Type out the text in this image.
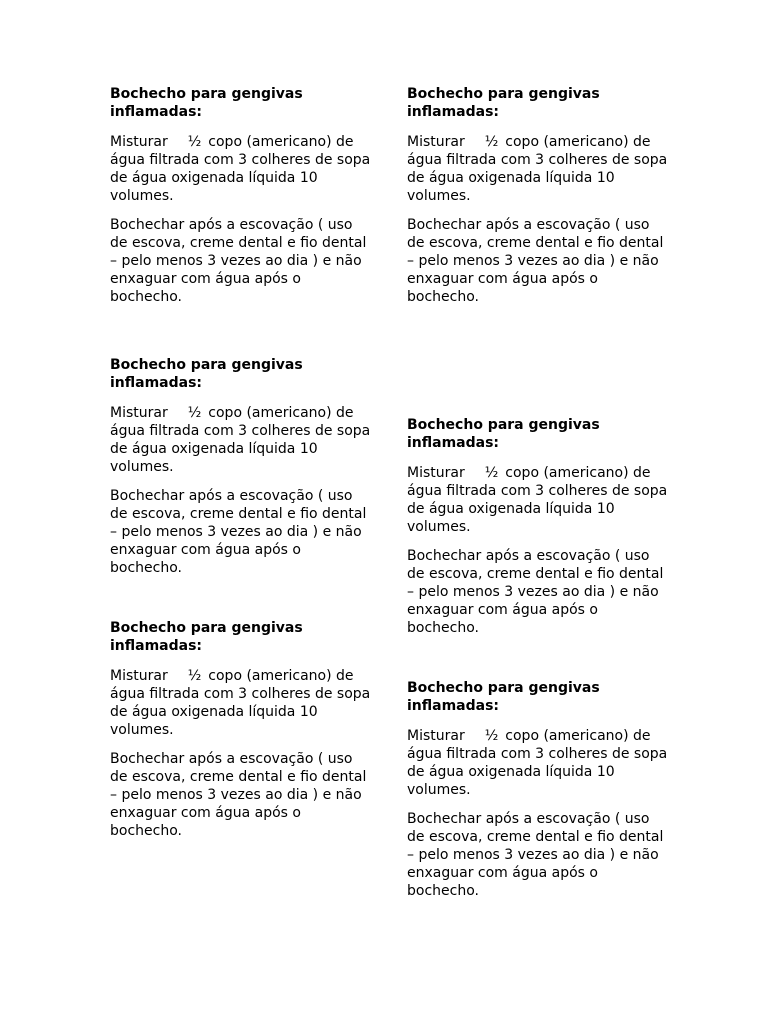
Bochecho para gengivas inflamadas:

Misturar ½ copo (americano) de água filtrada com 3 colheres de sopa de água oxigenada líquida 10 volumes.

Bochechar após a escovação ( uso de escova, creme dental e fio dental – pelo menos 3 vezes ao dia ) e não enxaguar com água após o bochecho.

Bochecho para gengivas inflamadas:

Misturar ½ copo (americano) de água filtrada com 3 colheres de sopa de água oxigenada líquida 10 volumes.

Bochechar após a escovação ( uso de escova, creme dental e fio dental – pelo menos 3 vezes ao dia ) e não enxaguar com água após o bochecho.

Bochecho para gengivas inflamadas:

Misturar ½ copo (americano) de água filtrada com 3 colheres de sopa de água oxigenada líquida 10 volumes.

Bochechar após a escovação ( uso de escova, creme dental e fio dental – pelo menos 3 vezes ao dia ) e não enxaguar com água após o bochecho.

Bochecho para gengivas inflamadas:

Misturar ½ copo (americano) de água filtrada com 3 colheres de sopa de água oxigenada líquida 10 volumes.

Bochechar após a escovação ( uso de escova, creme dental e fio dental – pelo menos 3 vezes ao dia ) e não enxaguar com água após o bochecho.

Bochecho para gengivas inflamadas:

Misturar ½ copo (americano) de água filtrada com 3 colheres de sopa de água oxigenada líquida 10 volumes.

Bochechar após a escovação ( uso de escova, creme dental e fio dental – pelo menos 3 vezes ao dia ) e não enxaguar com água após o bochecho.

Bochecho para gengivas inflamadas:

Misturar ½ copo (americano) de água filtrada com 3 colheres de sopa de água oxigenada líquida 10 volumes.

Bochechar após a escovação ( uso de escova, creme dental e fio dental – pelo menos 3 vezes ao dia ) e não enxaguar com água após o bochecho.
